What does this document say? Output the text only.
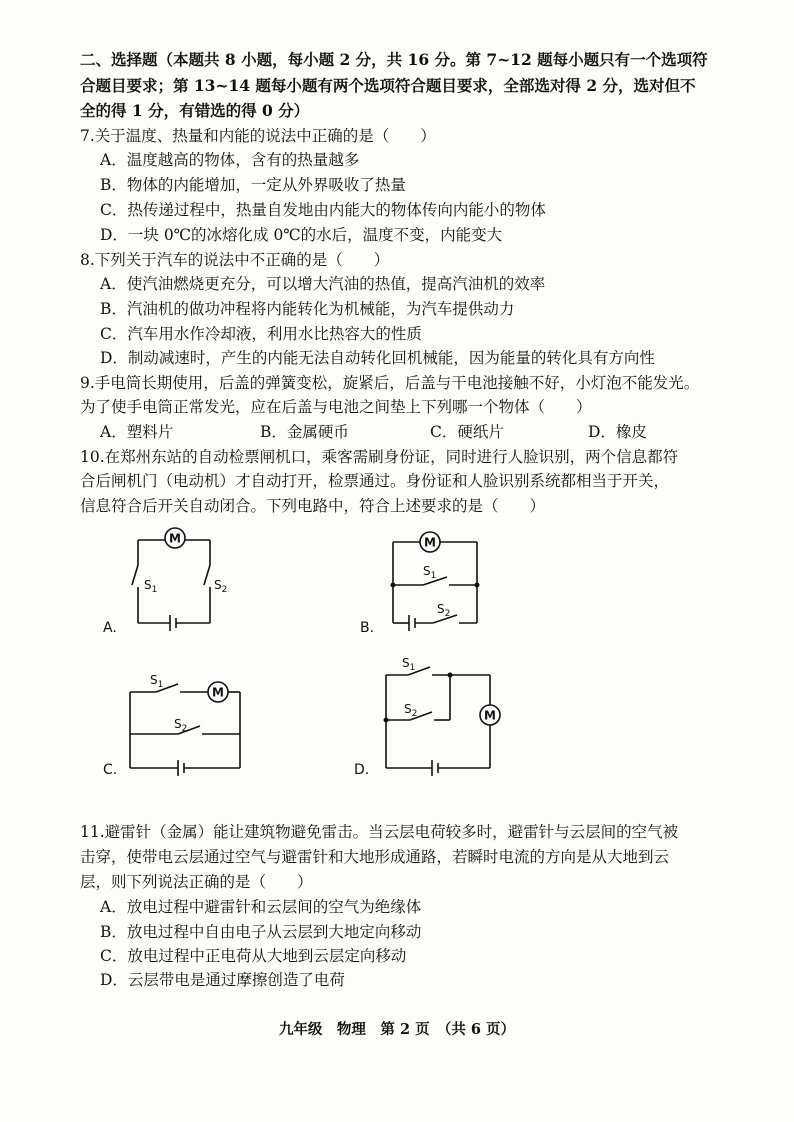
二、选择题（本题共 8 小题，每小题 2 分，共 16 分。第 7~12 题每小题只有一个选项符
合题目要求；第 13~14 题每小题有两个选项符合题目要求，全部选对得 2 分，选对但不
全的得 1 分，有错选的得 0 分）
7.关于温度、热量和内能的说法中正确的是（　　）
A．温度越高的物体，含有的热量越多
B．物体的内能增加，一定从外界吸收了热量
C．热传递过程中，热量自发地由内能大的物体传向内能小的物体
D．一块 0℃的冰熔化成 0℃的水后，温度不变，内能变大
8.下列关于汽车的说法中不正确的是（　　）
A．使汽油燃烧更充分，可以增大汽油的热值，提高汽油机的效率
B．汽油机的做功冲程将内能转化为机械能，为汽车提供动力
C．汽车用水作冷却液，利用水比热容大的性质
D．制动减速时，产生的内能无法自动转化回机械能，因为能量的转化具有方向性
9.手电筒长期使用，后盖的弹簧变松，旋紧后，后盖与干电池接触不好，小灯泡不能发光。
为了使手电筒正常发光，应在后盖与电池之间垫上下列哪一个物体（　　）
A．塑料片	B．金属硬币	C．硬纸片	D．橡皮
10.在郑州东站的自动检票闸机口，乘客需刷身份证，同时进行人脸识别，两个信息都符
合后闸机门（电动机）才自动打开，检票通过。身份证和人脸识别系统都相当于开关，
信息符合后开关自动闭合。下列电路中，符合上述要求的是（　　）
A.
M
$S_1$	$S_2$
B.
M
$S_1$
$S_2$
C.
$S_1$
M
$S_2$
D.
$S_1$
$S_2$	M
11.避雷针（金属）能让建筑物避免雷击。当云层电荷较多时，避雷针与云层间的空气被
击穿，使带电云层通过空气与避雷针和大地形成通路，若瞬时电流的方向是从大地到云
层，则下列说法正确的是（　　）
A．放电过程中避雷针和云层间的空气为绝缘体
B．放电过程中自由电子从云层到大地定向移动
C．放电过程中正电荷从大地到云层定向移动
D．云层带电是通过摩擦创造了电荷
九年级　物理　第 2 页　（共 6 页）
